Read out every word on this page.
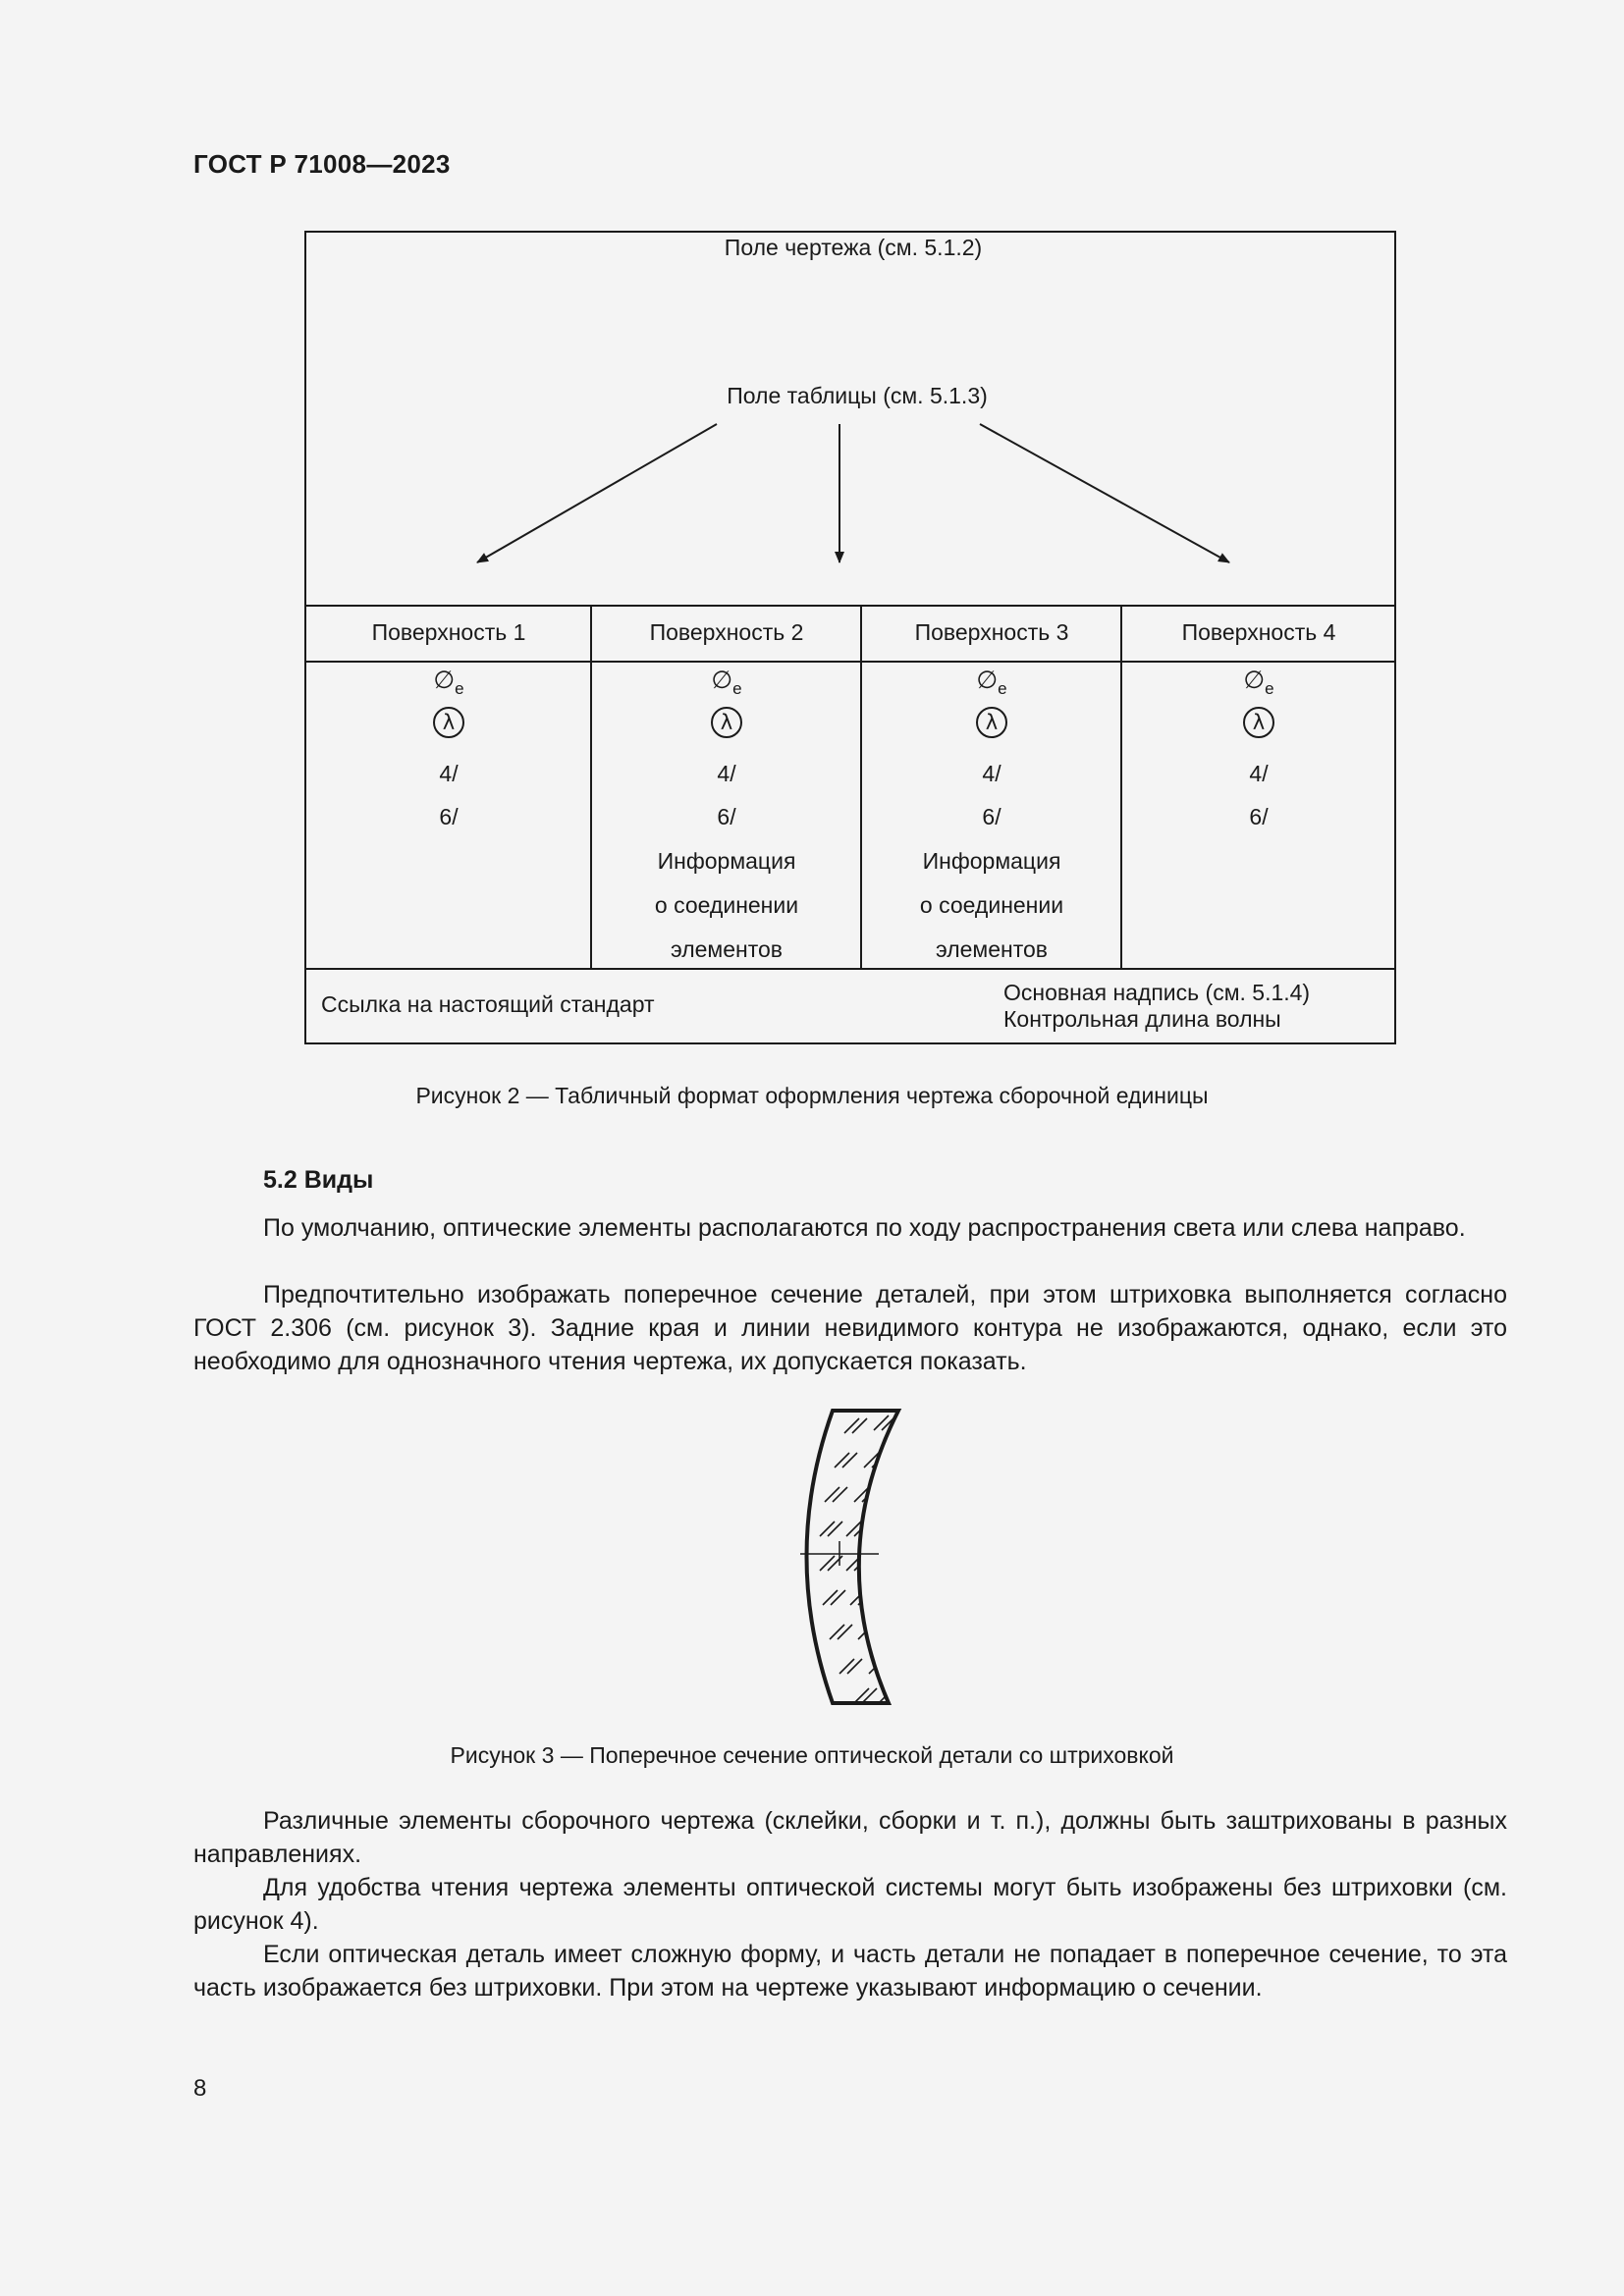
ГОСТ Р 71008—2023
Поле чертежа (см. 5.1.2)
Поле таблицы (см. 5.1.3)
Поверхность 1
$\emptyset_e$
λ
4/
6/
Поверхность 2
$\emptyset_e$
λ
4/
6/
Информация
о соединении
элементов
Поверхность 3
$\emptyset_e$
λ
4/
6/
Информация
о соединении
элементов
Поверхность 4
$\emptyset_e$
λ
4/
6/
Ссылка на настоящий стандарт	Основная надпись (см. 5.1.4)
Контрольная длина волны
Рисунок 2 — Табличный формат оформления чертежа сборочной единицы
5.2 Виды

По умолчанию, оптические элементы располагаются по ходу распространения света или слева направо.

Предпочтительно изображать поперечное сечение деталей, при этом штриховка выполняется согласно ГОСТ 2.306 (см. рисунок 3). Задние края и линии невидимого контура не изображаются, однако, если это необходимо для однозначного чтения чертежа, их допускается показать.

Рисунок 3 — Поперечное сечение оптической детали со штриховкой

Различные элементы сборочного чертежа (склейки, сборки и т. п.), должны быть заштрихованы в разных направлениях.

Для удобства чтения чертежа элементы оптической системы могут быть изображены без штриховки (см. рисунок 4).

Если оптическая деталь имеет сложную форму, и часть детали не попадает в поперечное сечение, то эта часть изображается без штриховки. При этом на чертеже указывают информацию о сечении.

8
